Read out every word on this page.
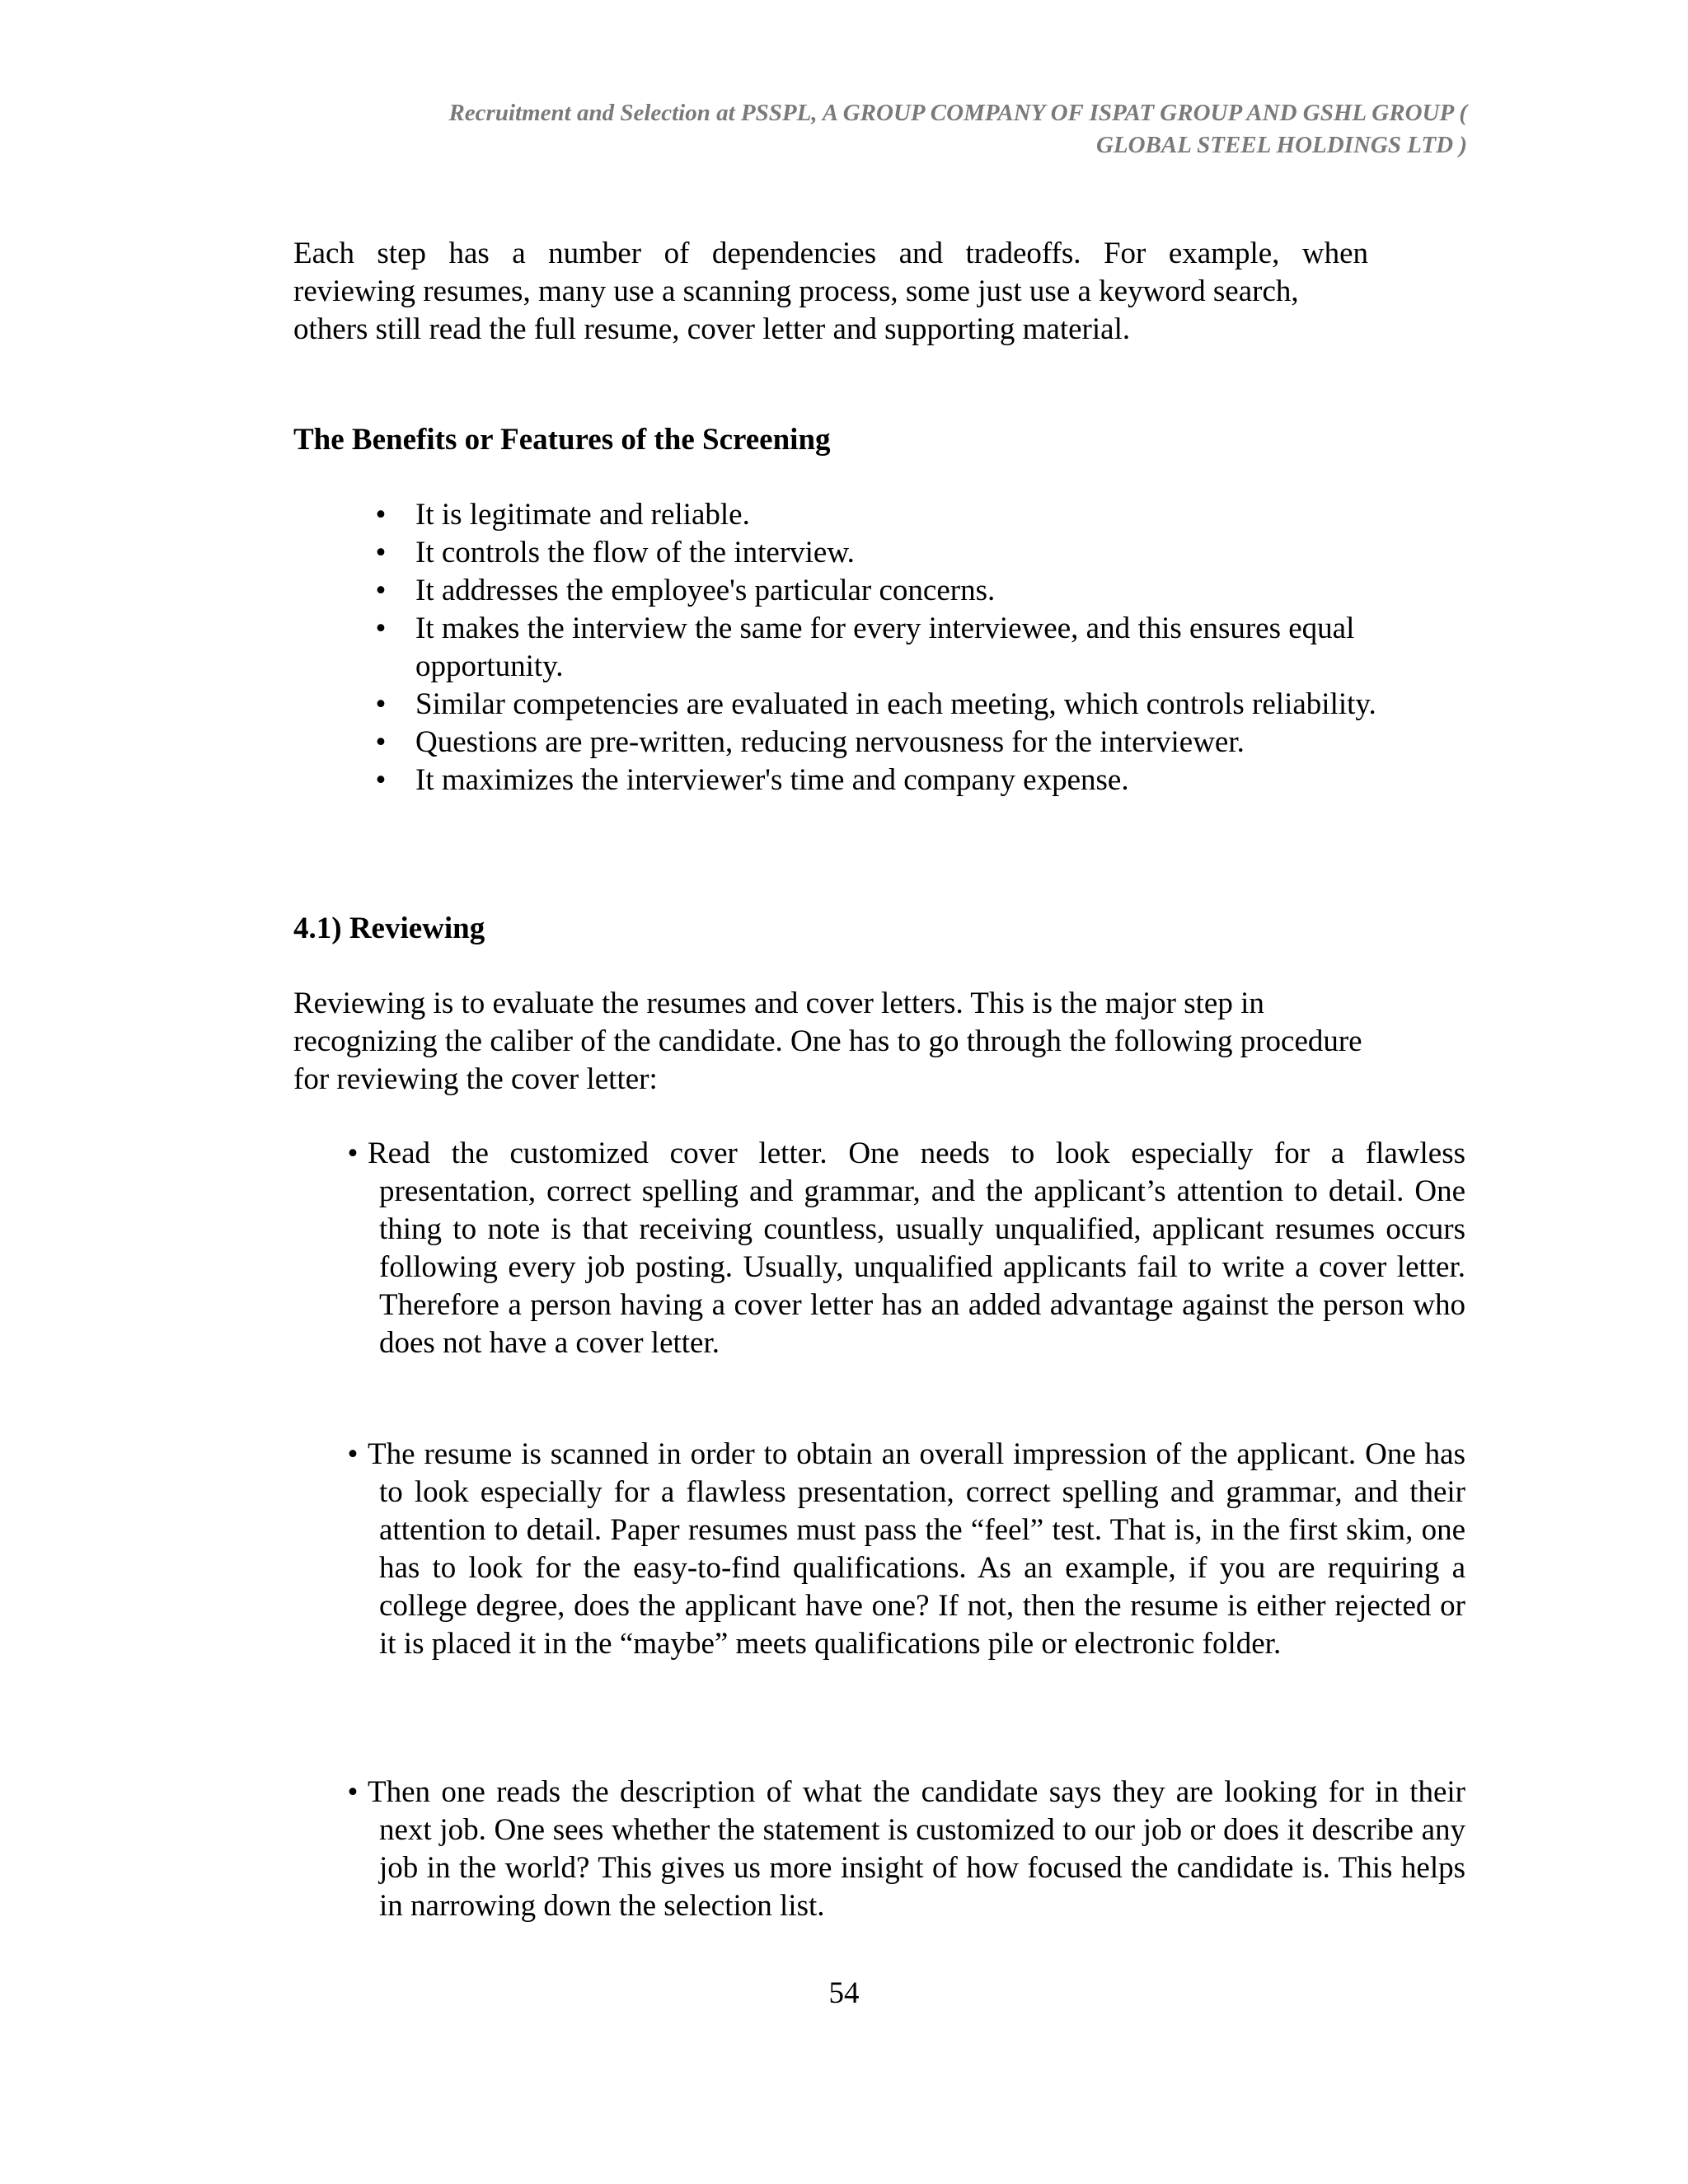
Recruitment and Selection at PSSPL, A GROUP COMPANY OF ISPAT GROUP AND GSHL GROUP (
GLOBAL STEEL HOLDINGS LTD )
Each step has a number of dependencies and tradeoffs. For example, when
reviewing resumes, many use a scanning process, some just use a keyword search,
others still read the full resume, cover letter and supporting material.
The Benefits or Features of the Screening
• It is legitimate and reliable.
• It controls the flow of the interview.
• It addresses the employee's particular concerns.
• It makes the interview the same for every interviewee, and this ensures equal opportunity.
• Similar competencies are evaluated in each meeting, which controls reliability.
• Questions are pre-written, reducing nervousness for the interviewer.
• It maximizes the interviewer's time and company expense.
4.1) Reviewing
Reviewing is to evaluate the resumes and cover letters. This is the major step in
recognizing the caliber of the candidate. One has to go through the following procedure
for reviewing the cover letter:
• Read the customized cover letter. One needs to look especially for a flawless presentation, correct spelling and grammar, and the applicant’s attention to detail. One thing to note is that receiving countless, usually unqualified, applicant resumes occurs following every job posting. Usually, unqualified applicants fail to write a cover letter. Therefore a person having a cover letter has an added advantage against the person who does not have a cover letter.
• The resume is scanned in order to obtain an overall impression of the applicant. One has to look especially for a flawless presentation, correct spelling and grammar, and their attention to detail. Paper resumes must pass the “feel” test. That is, in the first skim, one has to look for the easy-to-find qualifications. As an example, if you are requiring a college degree, does the applicant have one? If not, then the resume is either rejected or it is placed it in the “maybe” meets qualifications pile or electronic folder.
• Then one reads the description of what the candidate says they are looking for in their next job. One sees whether the statement is customized to our job or does it describe any job in the world? This gives us more insight of how focused the candidate is. This helps in narrowing down the selection list.
54
